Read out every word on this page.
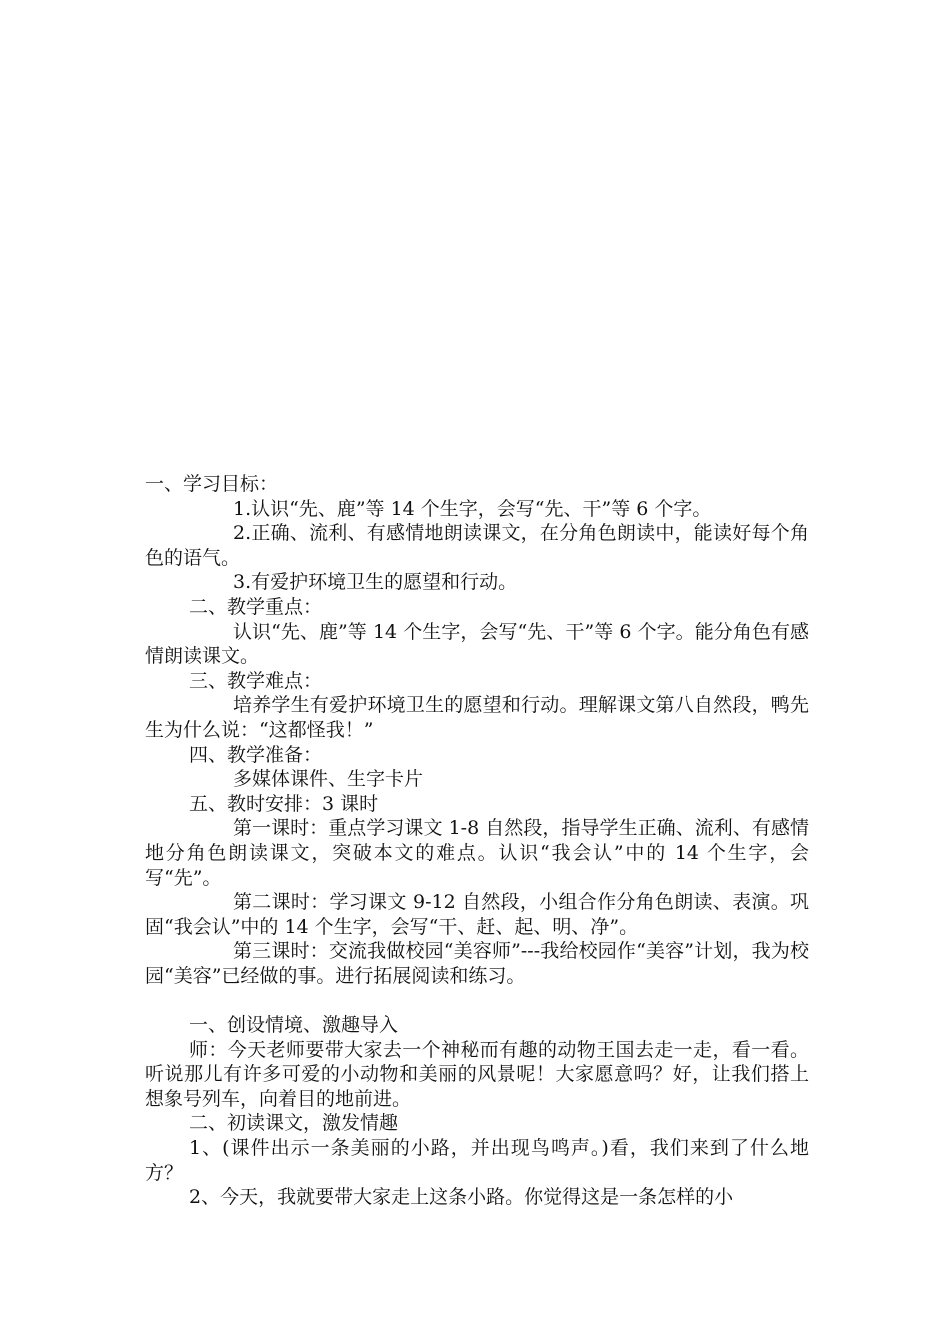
一、学习目标：

1.认识“先、鹿”等 14 个生字，会写“先、干”等 6 个字。

2.正确、流利、有感情地朗读课文，在分角色朗读中，能读好每个角色的语气。

3.有爱护环境卫生的愿望和行动。

二、教学重点：

认识“先、鹿”等 14 个生字，会写“先、干”等 6 个字。能分角色有感情朗读课文。

三、教学难点：

培养学生有爱护环境卫生的愿望和行动。理解课文第八自然段，鸭先生为什么说：“这都怪我！”

四、教学准备：

多媒体课件、生字卡片

五、教时安排：3 课时

第一课时：重点学习课文 1-8 自然段，指导学生正确、流利、有感情地分角色朗读课文，突破本文的难点。认识“我会认”中的 14 个生字，会写“先”。

第二课时：学习课文 9-12 自然段，小组合作分角色朗读、表演。巩固“我会认”中的 14 个生字，会写“干、赶、起、明、净”。

第三课时：交流我做校园“美容师”---我给校园作“美容”计划，我为校园“美容”已经做的事。进行拓展阅读和练习。

一、创设情境、激趣导入

师：今天老师要带大家去一个神秘而有趣的动物王国去走一走，看一看。听说那儿有许多可爱的小动物和美丽的风景呢！大家愿意吗？好，让我们搭上想象号列车，向着目的地前进。

二、初读课文，激发情趣

1、(课件出示一条美丽的小路，并出现鸟鸣声。)看，我们来到了什么地方？

2、今天，我就要带大家走上这条小路。你觉得这是一条怎样的小
